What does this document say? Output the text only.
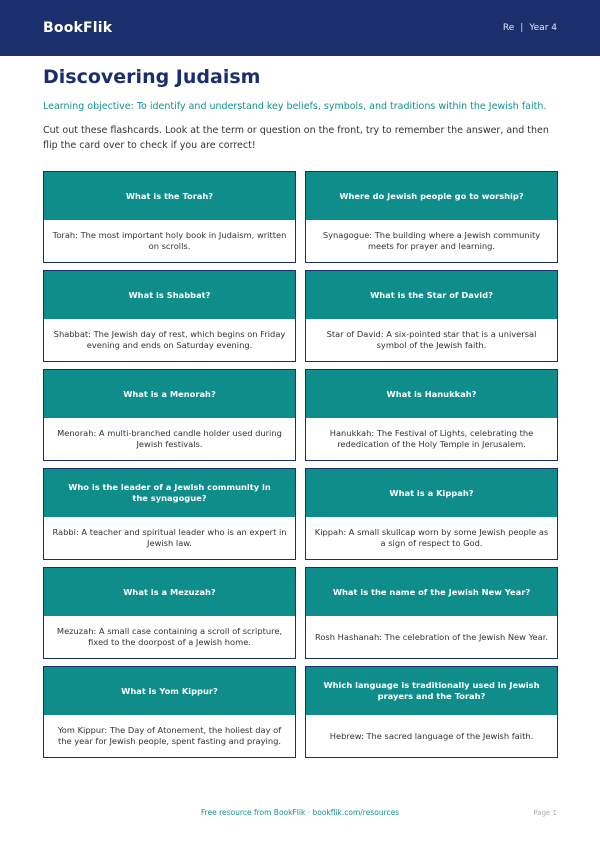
BookFlik	Re | Year 4
Discovering Judaism

Learning objective: To identify and understand key beliefs, symbols, and traditions within the Jewish faith.

Cut out these flashcards. Look at the term or question on the front, try to remember the answer, and then flip the card over to check if you are correct!

What is the Torah?
Torah: The most important holy book in Judaism, written on scrolls.
Where do Jewish people go to worship?
Synagogue: The building where a Jewish community meets for prayer and learning.
What is Shabbat?
Shabbat: The Jewish day of rest, which begins on Friday evening and ends on Saturday evening.
What is the Star of David?
Star of David: A six-pointed star that is a universal symbol of the Jewish faith.
What is a Menorah?
Menorah: A multi-branched candle holder used during Jewish festivals.
What is Hanukkah?
Hanukkah: The Festival of Lights, celebrating the rededication of the Holy Temple in Jerusalem.
Who is the leader of a Jewish community in the synagogue?
Rabbi: A teacher and spiritual leader who is an expert in Jewish law.
What is a Kippah?
Kippah: A small skullcap worn by some Jewish people as a sign of respect to God.
What is a Mezuzah?
Mezuzah: A small case containing a scroll of scripture, fixed to the doorpost of a Jewish home.
What is the name of the Jewish New Year?
Rosh Hashanah: The celebration of the Jewish New Year.
What is Yom Kippur?
Yom Kippur: The Day of Atonement, the holiest day of the year for Jewish people, spent fasting and praying.
Which language is traditionally used in Jewish prayers and the Torah?
Hebrew: The sacred language of the Jewish faith.
Free resource from BookFlik · bookflik.com/resources	Page 1
